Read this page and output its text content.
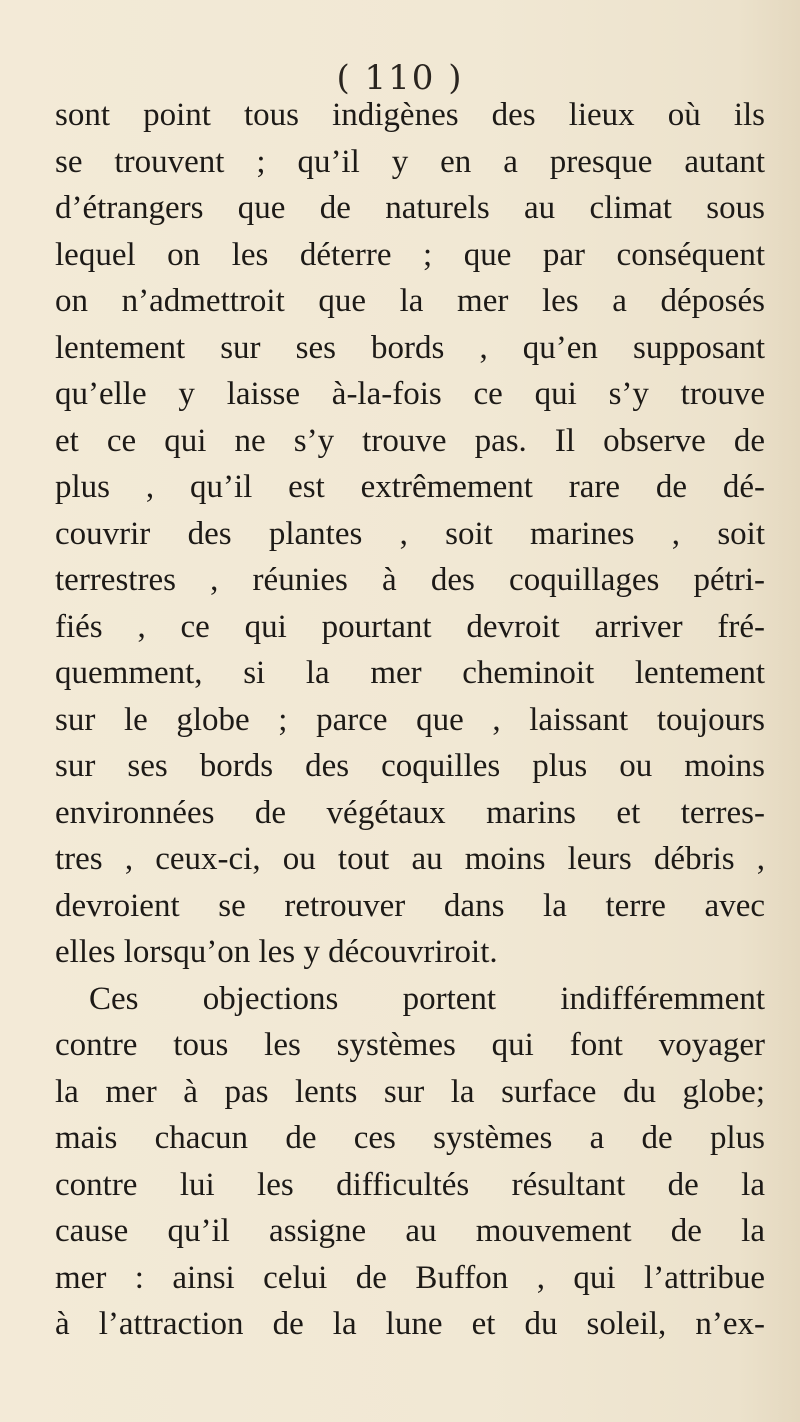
( 110 )
sont point tous indigènes des lieux où ils
se trouvent ; qu’il y en a presque autant
d’étrangers que de naturels au climat sous
lequel on les déterre ; que par conséquent
on n’admettroit que la mer les a déposés
lentement sur ses bords , qu’en supposant
qu’elle y laisse à-la-fois ce qui s’y trouve
et ce qui ne s’y trouve pas. Il observe de
plus , qu’il est extrêmement rare de dé-
couvrir des plantes , soit marines , soit
terrestres , réunies à des coquillages pétri-
fiés , ce qui pourtant devroit arriver fré-
quemment, si la mer cheminoit lentement
sur le globe ; parce que , laissant toujours
sur ses bords des coquilles plus ou moins
environnées de végétaux marins et terres-
tres , ceux-ci, ou tout au moins leurs débris ,
devroient se retrouver dans la terre avec
elles lorsqu’on les y découvriroit.
Ces objections portent indifféremment
contre tous les systèmes qui font voyager
la mer à pas lents sur la surface du globe;
mais chacun de ces systèmes a de plus
contre lui les difficultés résultant de la
cause qu’il assigne au mouvement de la
mer : ainsi celui de Buffon , qui l’attribue
à l’attraction de la lune et du soleil, n’ex-
